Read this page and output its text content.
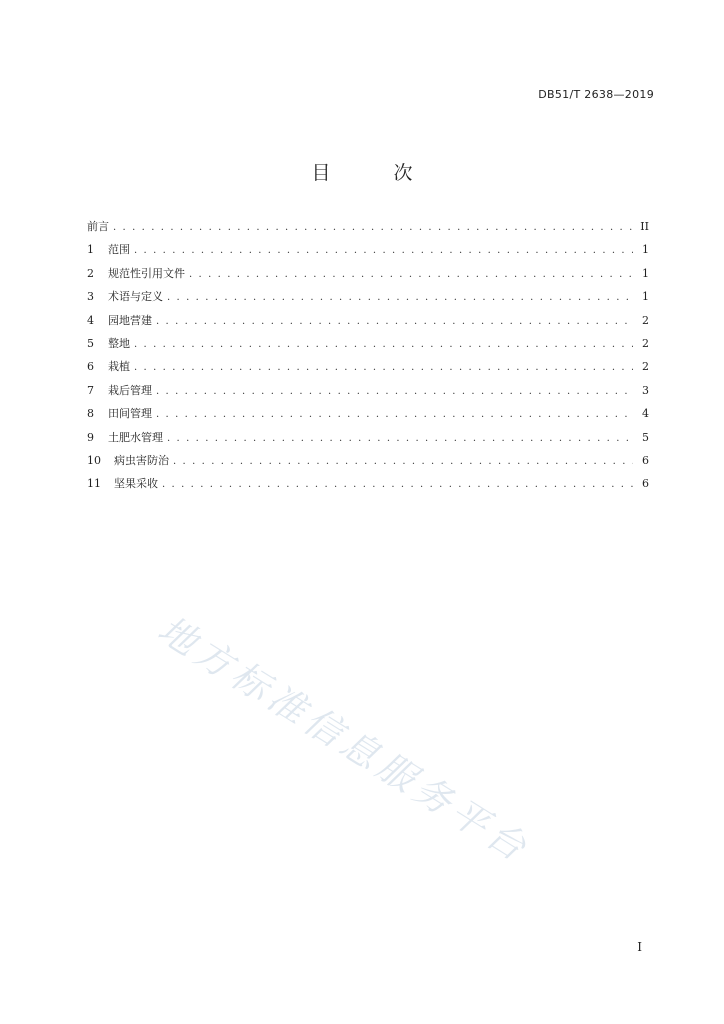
DB51/T 2638—2019
目　次
前言 . . .	II
1 范围 . . .	1
2 规范性引用文件 . . .	1
3 术语与定义 . . .	1
4 园地营建 . . .	2
5 整地 . . .	2
6 栽植 . . .	2
7 栽后管理 . . .	3
8 田间管理 . . .	4
9 土肥水管理 . . .	5
10 病虫害防治 . . .	6
11 坚果采收 . . .	6
地方标准信息服务平台
I
